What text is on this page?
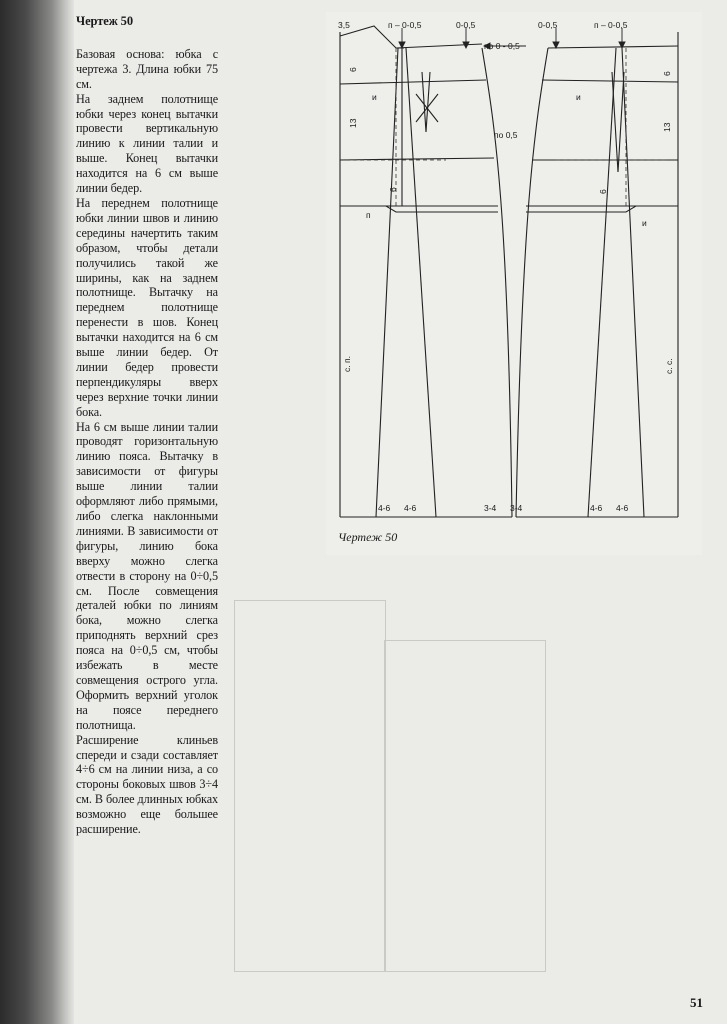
Чертеж 50

Базовая основа: юбка с чертежа 3. Длина юбки 75 см.

На заднем полотнище юбки через конец вытачки провести вертикальную линию к линии талии и выше. Конец вытачки находится на 6 см выше линии бедер.

На переднем полотнище юбки линии швов и линию середины начертить таким образом, чтобы детали получились такой же ширины, как на заднем полотнище. Вытачку на переднем полотнище перенести в шов. Конец вытачки находится на 6 см выше линии бедер. От линии бедер провести перпендикуляры вверх через верхние точки линии бока.

На 6 см выше линии талии проводят горизонтальную линию пояса. Вытачку в зависимости от фигуры выше линии талии оформляют либо прямыми, либо слегка наклонными линиями. В зависимости от фигуры, линию бока вверху можно слегка отвести в сторону на 0÷0,5 см. После совмещения деталей юбки по линиям бока, можно слегка приподнять верхний срез пояса на 0÷0,5 см, чтобы избежать в месте совмещения острого угла. Оформить верхний уголок на поясе переднего полотнища.

Расширение клиньев спереди и сзади составляет 4÷6 см на линии низа, а со стороны боковых швов 3÷4 см. В более длинных юбках возможно еще большее расширение.

3,5	п – 0-0,5	0-0,5
по 0 - 0,5
0-0,5	п – 0-0,5
по 0,5
6
13
6
6
13
6
и	и
и
п
с. п.	с. с.
4-6 4-6	3-4 3-4	4-6 4-6
Чертеж 50
51
